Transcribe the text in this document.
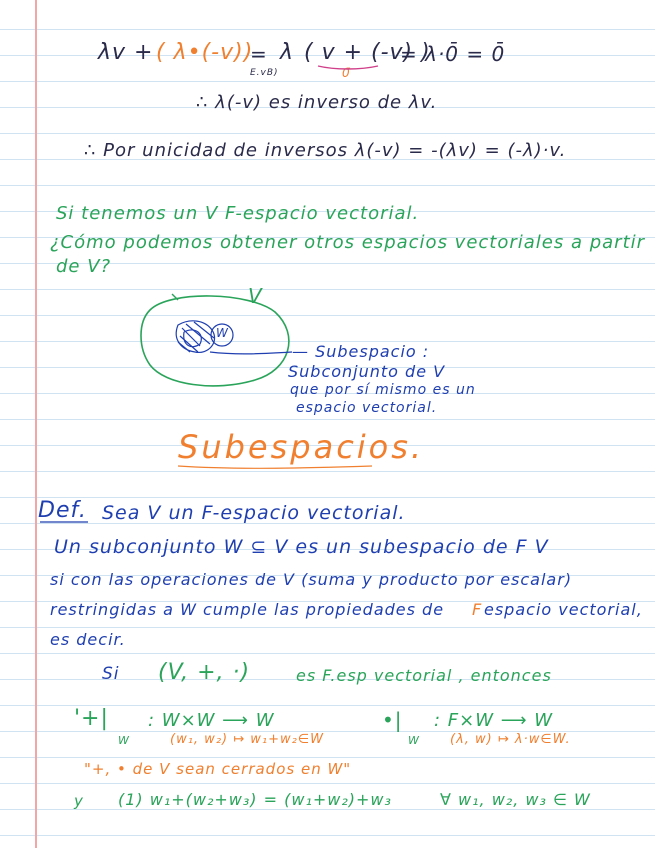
λv + ( λ•(-v))
=
E.vB)
λ ( v + (-v) )
0̄
= λ·0̄ = 0̄
∴ λ(-v) es inverso de λv.
∴ Por unicidad de inversos λ(-v) = -(λv) = (-λ)·v.
Si tenemos un V F-espacio vectorial.
¿Cómo podemos obtener otros espacios vectoriales a partir
de V?
V
W
— Subespacio :
Subconjunto de V
que por sí mismo es un
espacio vectorial.
Subespacios.
Def. Sea V un F-espacio vectorial.
Un subconjunto W ⊆ V es un subespacio de F V
si con las operaciones de V (suma y producto por escalar)
restringidas a W cumple las propiedades de F espacio vectorial,
es decir.
Si (V, +, ·)	es F.esp vectorial , entonces
'+|
W
: W×W ⟶ W
(w₁, w₂) ↦ w₁+w₂∈W
•|
W
: F×W ⟶ W
(λ, w) ↦ λ·w∈W.
"+, • de V sean cerrados en W"
y (1) w₁+(w₂+w₃) = (w₁+w₂)+w₃	∀ w₁, w₂, w₃ ∈ W
